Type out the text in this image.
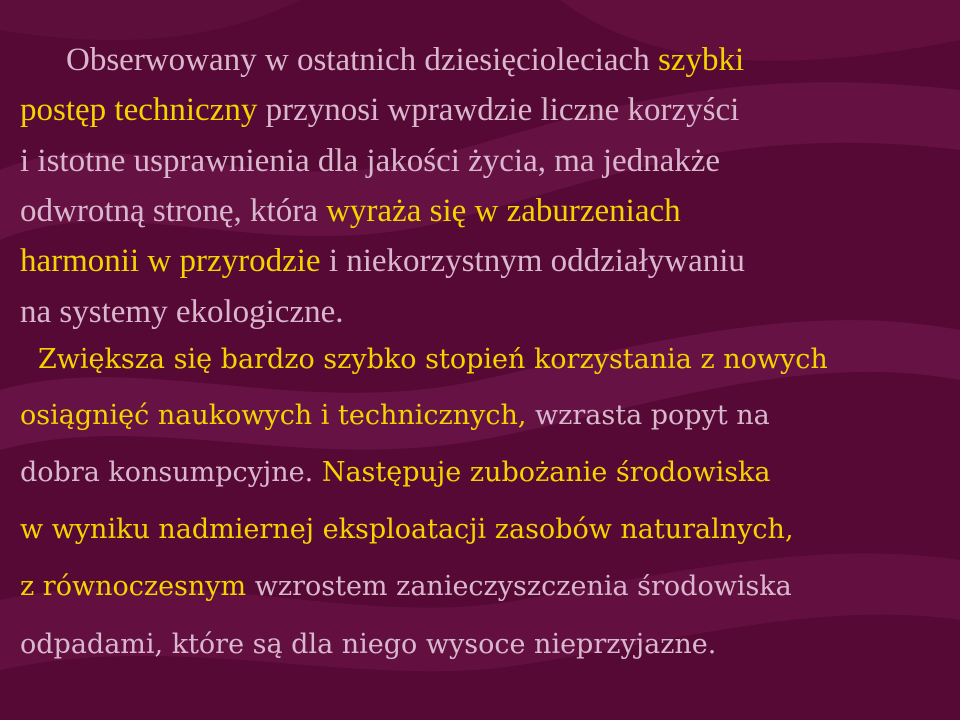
Obserwowany w ostatnich dziesięcioleciach szybki
postęp techniczny przynosi wprawdzie liczne korzyści
i istotne usprawnienia dla jakości życia, ma jednakże
odwrotną stronę, która wyraża się w zaburzeniach
harmonii w przyrodzie i niekorzystnym oddziaływaniu
na systemy ekologiczne.
Zwiększa się bardzo szybko stopień korzystania z nowych
osiągnięć naukowych i technicznych, wzrasta popyt na
dobra konsumpcyjne. Następuje zubożanie środowiska
w wyniku nadmiernej eksploatacji zasobów naturalnych,
z równoczesnym wzrostem zanieczyszczenia środowiska
odpadami, które są dla niego wysoce nieprzyjazne.
